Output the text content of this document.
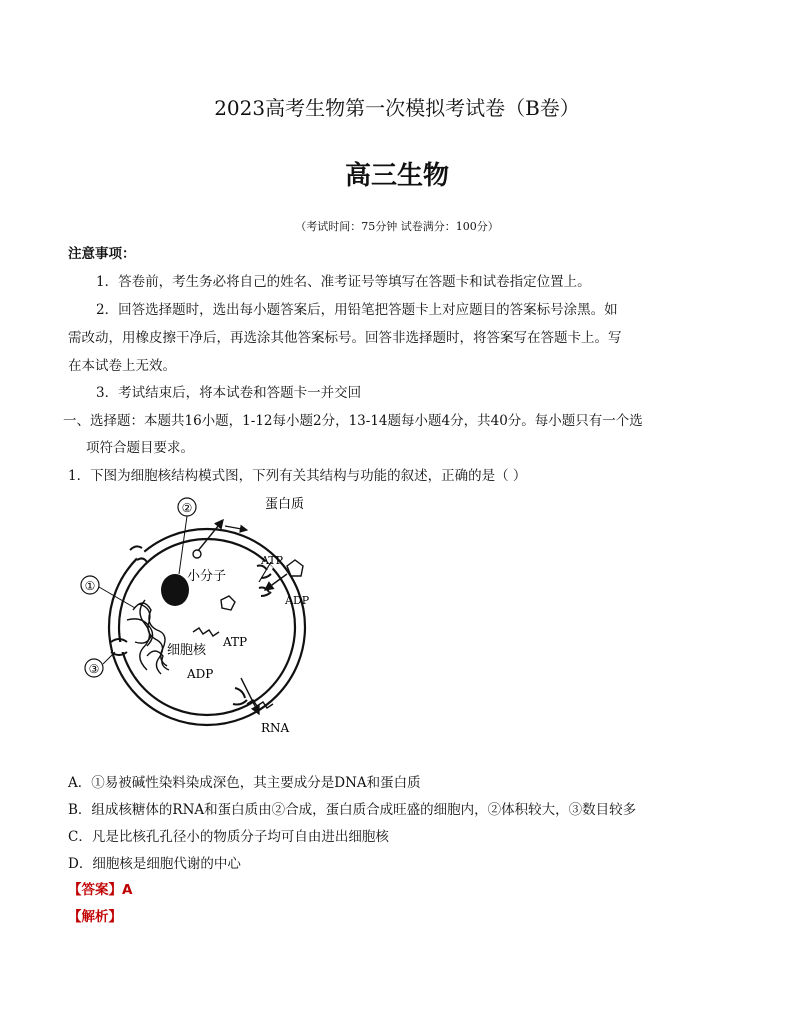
2023高考生物第一次模拟考试卷（B卷）
高三生物
（考试时间：75分钟 试卷满分：100分）
注意事项：
1．答卷前，考生务必将自己的姓名、准考证号等填写在答题卡和试卷指定位置上。
2．回答选择题时，选出每小题答案后，用铅笔把答题卡上对应题目的答案标号涂黑。如
需改动，用橡皮擦干净后，再选涂其他答案标号。回答非选择题时，将答案写在答题卡上。写
在本试卷上无效。
3．考试结束后，将本试卷和答题卡一并交回
一、选择题：本题共16小题，1-12每小题2分，13-14题每小题4分，共40分。每小题只有一个选
项符合题目要求。
1．下图为细胞核结构模式图，下列有关其结构与功能的叙述，正确的是（ ）
①
②
③
蛋白质
小分子
ATP
ADP
细胞核
ATP
ADP
RNA
A．①易被碱性染料染成深色，其主要成分是DNA和蛋白质
B．组成核糖体的RNA和蛋白质由②合成，蛋白质合成旺盛的细胞内，②体积较大，③数目较多
C．凡是比核孔孔径小的物质分子均可自由进出细胞核
D．细胞核是细胞代谢的中心
【答案】A
【解析】
